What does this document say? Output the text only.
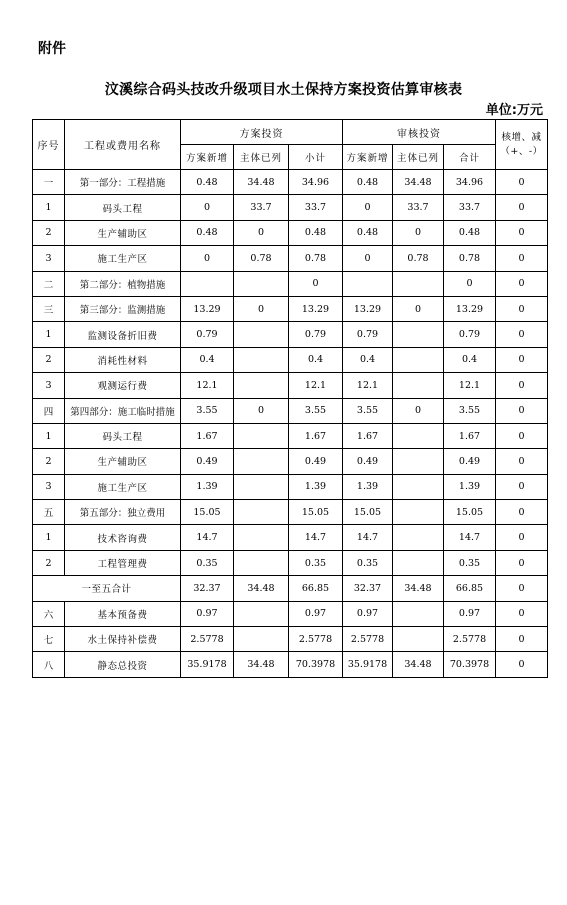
附件
汶溪综合码头技改升级项目水土保持方案投资估算审核表
单位:万元
序号	工程或费用名称	方案投资			审核投资			核增、减（+、-）
		方案新增	主体已列	小计	方案新增	主体已列	合计	
一	第一部分：工程措施	0.48	34.48	34.96	0.48	34.48	34.96	0
1	码头工程	0	33.7	33.7	0	33.7	33.7	0
2	生产辅助区	0.48	0	0.48	0.48	0	0.48	0
3	施工生产区	0	0.78	0.78	0	0.78	0.78	0
二	第二部分：植物措施			0			0	0
三	第三部分：监测措施	13.29	0	13.29	13.29	0	13.29	0
1	监测设备折旧费	0.79		0.79	0.79		0.79	0
2	消耗性材料	0.4		0.4	0.4		0.4	0
3	观测运行费	12.1		12.1	12.1		12.1	0
四	第四部分：施工临时措施	3.55	0	3.55	3.55	0	3.55	0
1	码头工程	1.67		1.67	1.67		1.67	0
2	生产辅助区	0.49		0.49	0.49		0.49	0
3	施工生产区	1.39		1.39	1.39		1.39	0
五	第五部分：独立费用	15.05		15.05	15.05		15.05	0
1	技术咨询费	14.7		14.7	14.7		14.7	0
2	工程管理费	0.35		0.35	0.35		0.35	0
一至五合计		32.37	34.48	66.85	32.37	34.48	66.85	0
六	基本预备费	0.97		0.97	0.97		0.97	0
七	水土保持补偿费	2.5778		2.5778	2.5778		2.5778	0
八	静态总投资	35.9178	34.48	70.3978	35.9178	34.48	70.3978	0
